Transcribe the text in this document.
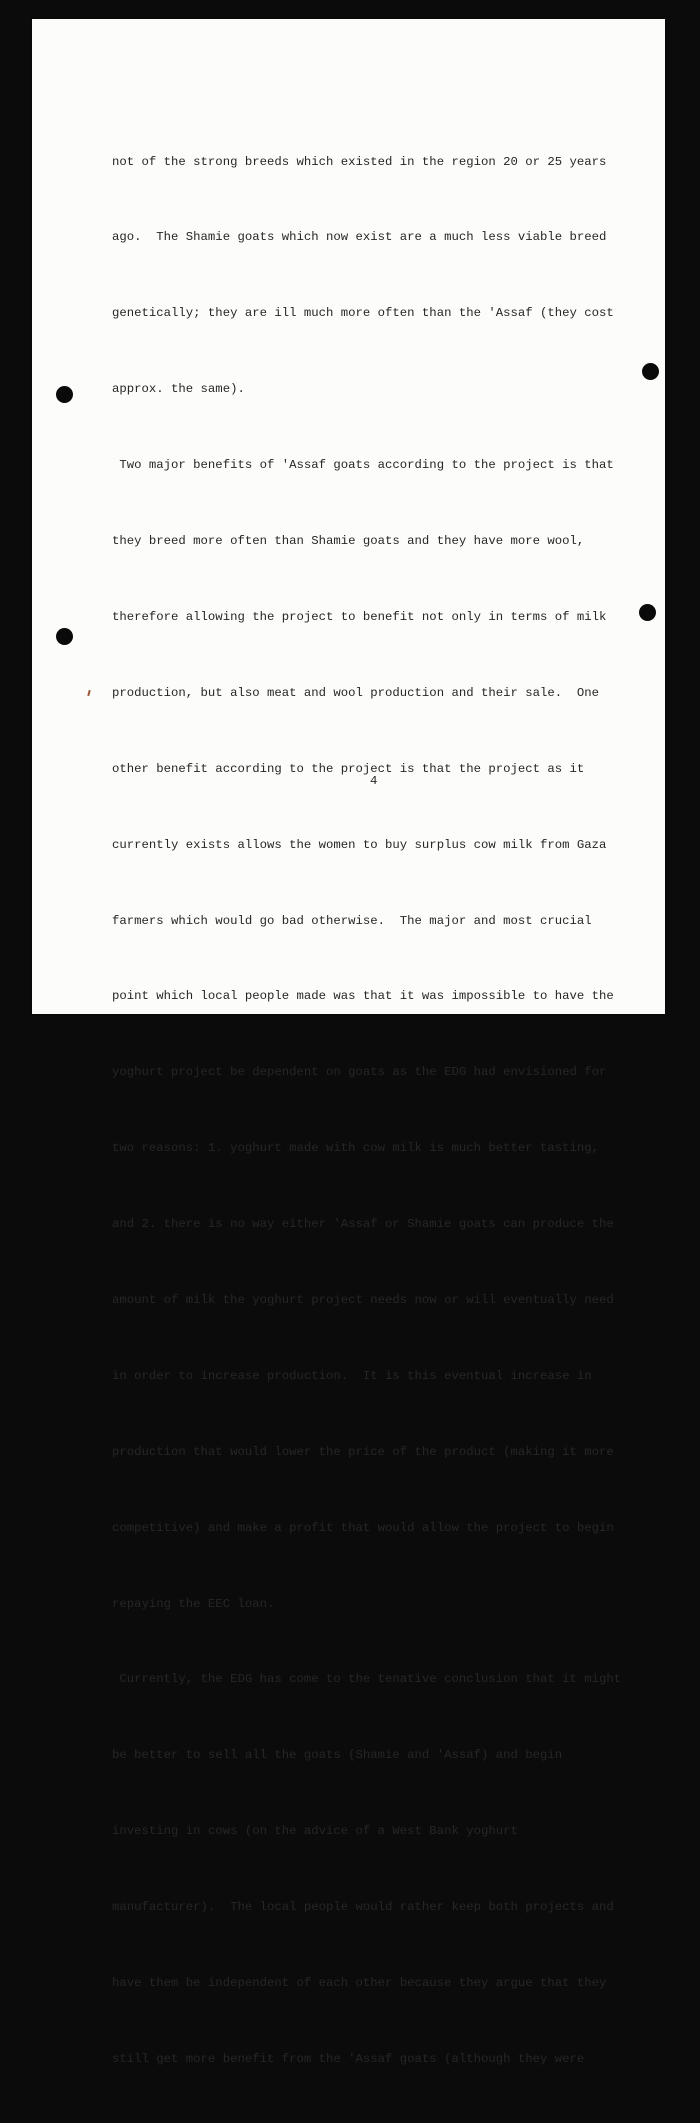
not of the strong breeds which existed in the region 20 or 25 years

ago.  The Shamie goats which now exist are a much less viable breed

genetically; they are ill much more often than the 'Assaf (they cost

approx. the same).

Two major benefits of 'Assaf goats according to the project is that

they breed more often than Shamie goats and they have more wool,

therefore allowing the project to benefit not only in terms of milk

production, but also meat and wool production and their sale.  One

other benefit according to the project is that the project as it

currently exists allows the women to buy surplus cow milk from Gaza

farmers which would go bad otherwise.  The major and most crucial

point which local people made was that it was impossible to have the

yoghurt project be dependent on goats as the EDG had envisioned for

two reasons: 1. yoghurt made with cow milk is much better tasting,

and 2. there is no way either 'Assaf or Shamie goats can produce the

amount of milk the yoghurt project needs now or will eventually need

in order to increase production.  It is this eventual increase in

production that would lower the price of the product (making it more

competitive) and make a profit that would allow the project to begin

repaying the EEC loan.

Currently, the EDG has come to the tenative conclusion that it might

be better to sell all the goats (Shamie and 'Assaf) and begin

investing in cows (on the advice of a West Bank yoghurt

manufacturer).  The local people would rather keep both projects and

have them be independent of each other because they argue that they

still get more benefit from the 'Assaf goats (although they were

4
